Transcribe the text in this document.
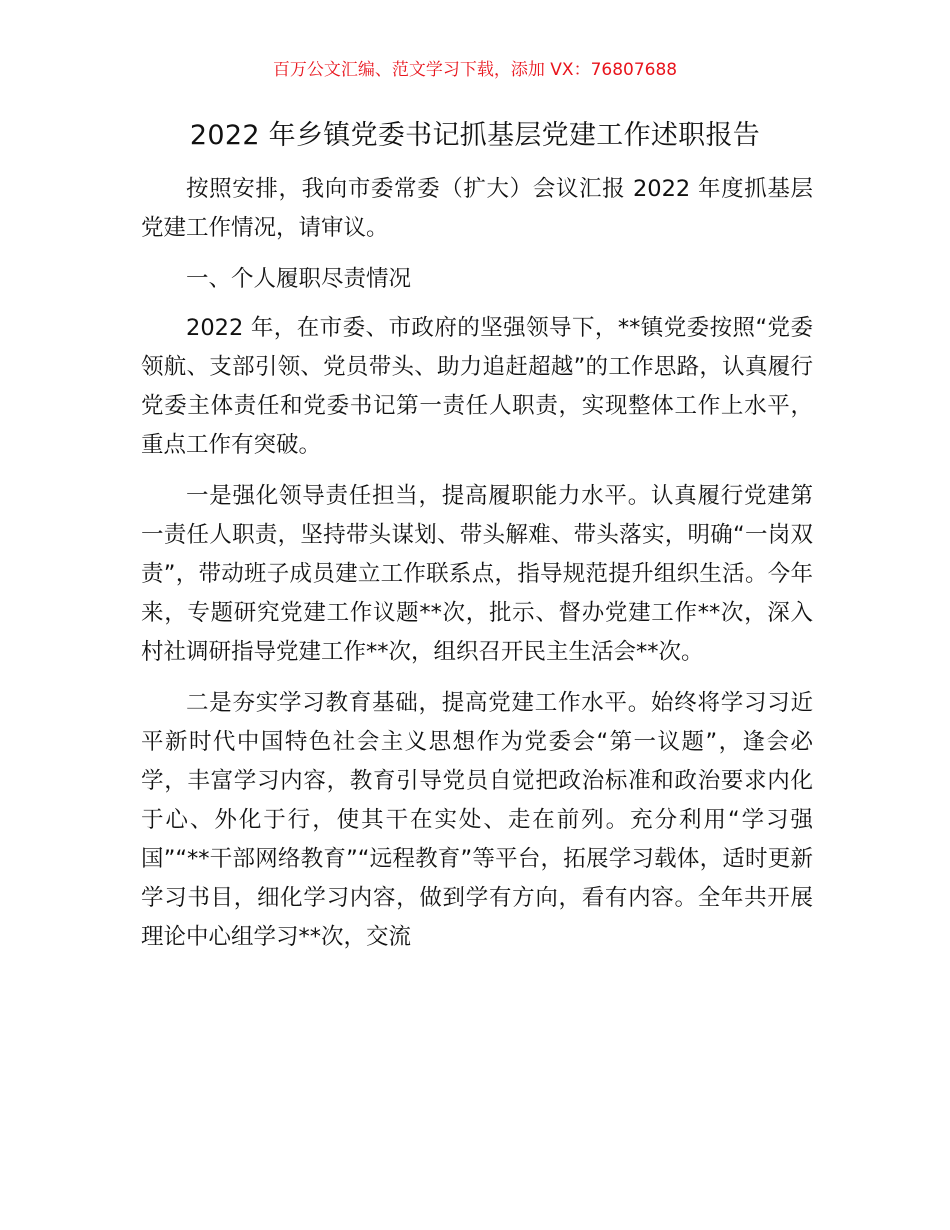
百万公文汇编、范文学习下载，添加 VX：76807688
2022 年乡镇党委书记抓基层党建工作述职报告

按照安排，我向市委常委（扩大）会议汇报 2022 年度抓基层党建工作情况，请审议。

一、个人履职尽责情况

2022 年，在市委、市政府的坚强领导下，**镇党委按照“党委领航、支部引领、党员带头、助力追赶超越”的工作思路，认真履行党委主体责任和党委书记第一责任人职责，实现整体工作上水平，重点工作有突破。

一是强化领导责任担当，提高履职能力水平。认真履行党建第一责任人职责，坚持带头谋划、带头解难、带头落实，明确“一岗双责”，带动班子成员建立工作联系点，指导规范提升组织生活。今年来，专题研究党建工作议题**次，批示、督办党建工作**次，深入村社调研指导党建工作**次，组织召开民主生活会**次。

二是夯实学习教育基础，提高党建工作水平。始终将学习习近平新时代中国特色社会主义思想作为党委会“第一议题”，逢会必学，丰富学习内容，教育引导党员自觉把政治标准和政治要求内化于心、外化于行，使其干在实处、走在前列。充分利用“学习强国”“**干部网络教育”“远程教育”等平台，拓展学习载体，适时更新学习书目，细化学习内容，做到学有方向，看有内容。全年共开展理论中心组学习**次，交流
